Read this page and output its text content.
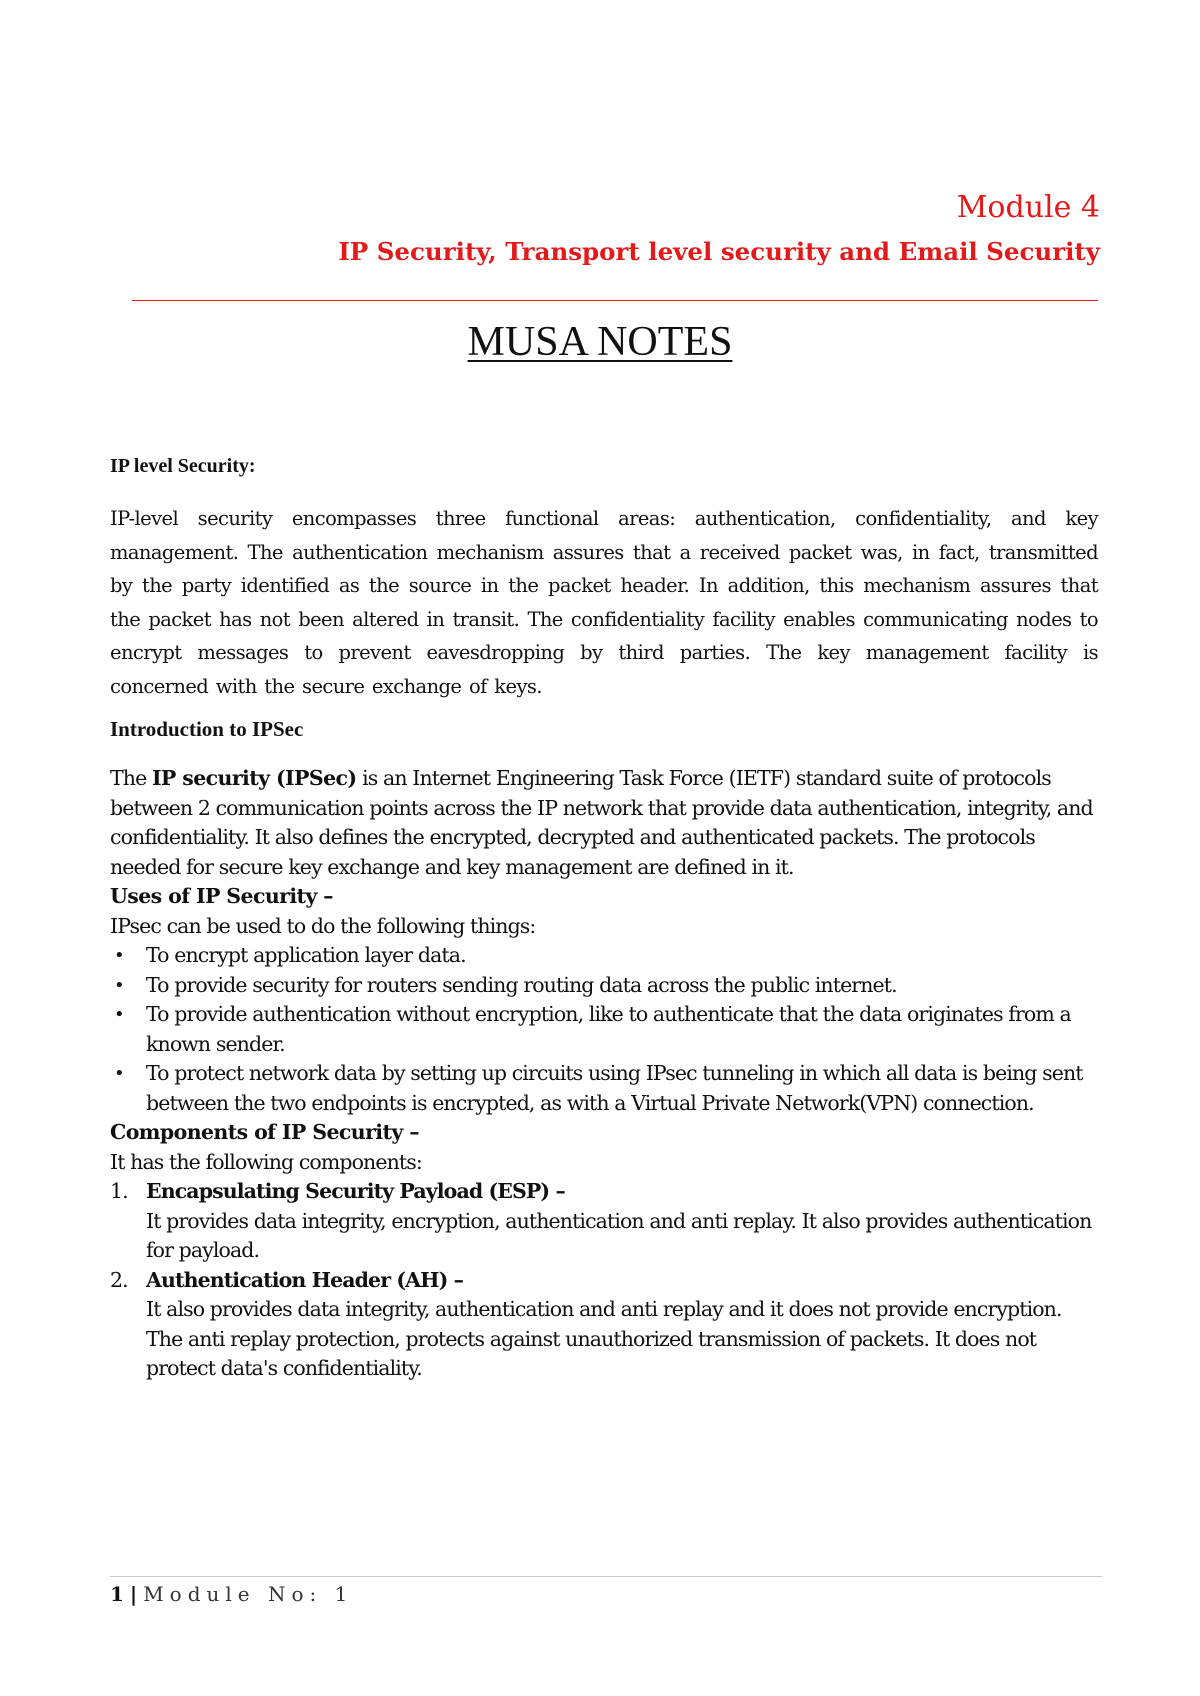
Module 4
IP Security, Transport level security and Email Security
MUSA NOTES
IP level Security:

IP-level security encompasses three functional areas: authentication, confidentiality, and key management. The authentication mechanism assures that a received packet was, in fact, transmitted by the party identified as the source in the packet header. In addition, this mechanism assures that the packet has not been altered in transit. The confidentiality facility enables communicating nodes to encrypt messages to prevent eavesdropping by third parties. The key management facility is concerned with the secure exchange of keys.

Introduction to IPSec

The IP security (IPSec) is an Internet Engineering Task Force (IETF) standard suite of protocols between 2 communication points across the IP network that provide data authentication, integrity, and confidentiality. It also defines the encrypted, decrypted and authenticated packets. The protocols needed for secure key exchange and key management are defined in it.

Uses of IP Security –

IPsec can be used to do the following things:

• To encrypt application layer data.
• To provide security for routers sending routing data across the public internet.
• To provide authentication without encryption, like to authenticate that the data originates from a known sender.
• To protect network data by setting up circuits using IPsec tunneling in which all data is being sent between the two endpoints is encrypted, as with a Virtual Private Network(VPN) connection.

Components of IP Security –

It has the following components:

1. Encapsulating Security Payload (ESP) –
It provides data integrity, encryption, authentication and anti replay. It also provides authentication for payload.
2. Authentication Header (AH) –
It also provides data integrity, authentication and anti replay and it does not provide encryption. The anti replay protection, protects against unauthorized transmission of packets. It does not protect data's confidentiality.
1 | Module No: 1
